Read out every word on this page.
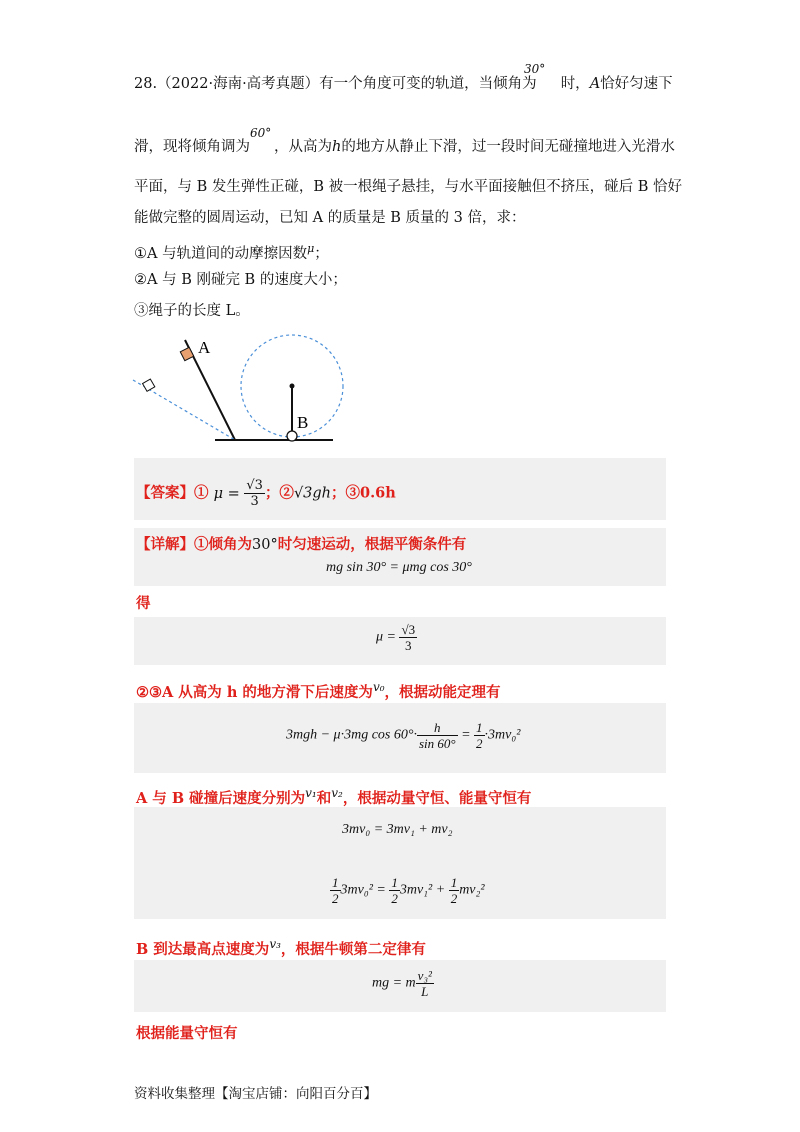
28.（2022·海南·高考真题）有一个角度可变的轨道，当倾角为 时，A恰好匀速下
30°
滑，现将倾角调为 ，从高为h的地方从静止下滑，过一段时间无碰撞地进入光滑水
60°
平面，与 B 发生弹性正碰，B 被一根绳子悬挂，与水平面接触但不挤压，碰后 B 恰好
能做完整的圆周运动，已知 A 的质量是 B 质量的 3 倍，求：
①A 与轨道间的动摩擦因数$^\mu$；
②A 与 B 刚碰完 B 的速度大小；
③绳子的长度 L。
A
B
【答案】① $\mu = \frac{√3}{3}$ ；②√3gh；③0.6h
【详解】①倾角为30°时匀速运动，根据平衡条件有
mg sin 30° = μmg cos 30°
得
$\mu = \frac{√3}{3}$
②③A 从高为 h 的地方滑下后速度为$^{v_0}$，根据动能定理有
3mgh − μ·3mg $\cos 60^\circ\cdot \frac{h}{\sin 60^\circ} = \frac{1}{2} \cdot 3mv_0^2$
A 与 B 碰撞后速度分别为$^{v_1}$和$^{v_2}$，根据动量守恒、能量守恒有
3mv₀ = 3mv₁ + mv₂
$\frac{1}{2} 3mv_0^2 = \frac{1}{2} 3mv_1^2 + \frac{1}{2} mv_2^2$
B 到达最高点速度为$^{v_3}$，根据牛顿第二定律有
mg = m $\frac{\text{v₃²}}{L}$
根据能量守恒有
资料收集整理【淘宝店铺：向阳百分百】
